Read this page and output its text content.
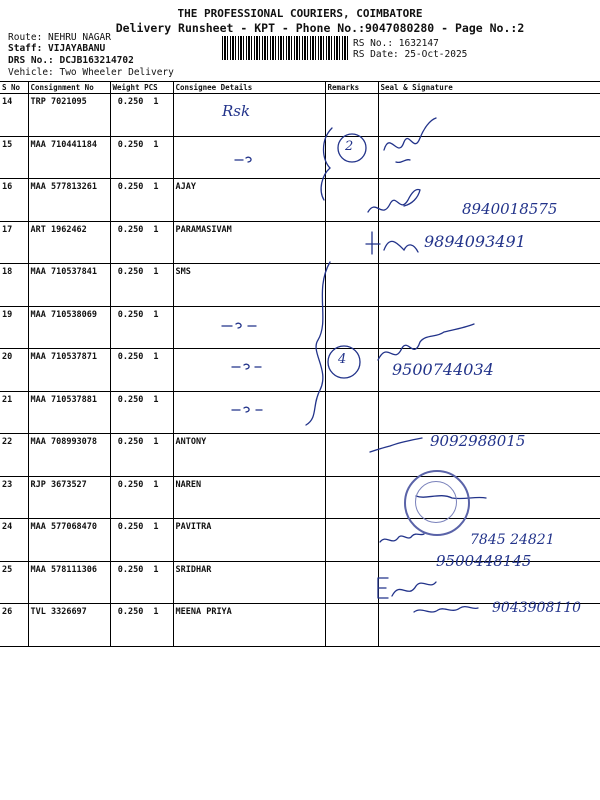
THE PROFESSIONAL COURIERS, COIMBATORE
Delivery Runsheet - KPT - Phone No.:9047080280 - Page No.:2
Route: NEHRU NAGAR
Staff: VIJAYABANU
DRS No.: DCJB163214702
Vehicle: Two Wheeler Delivery
RS No.: 1632147
RS Date: 25-Oct-2025
S No	Consignment No	Weight PCS	Consignee Details	Remarks	Seal & Signature
14	TRP 7021095	0.250 1			
15	MAA 710441184	0.250 1			
16	MAA 577813261	0.250 1	AJAY		
17	ART 1962462	0.250 1	PARAMASIVAM		
18	MAA 710537841	0.250 1	SMS		
19	MAA 710538069	0.250 1			
20	MAA 710537871	0.250 1			
21	MAA 710537881	0.250 1			
22	MAA 708993078	0.250 1	ANTONY		
23	RJP 3673527	0.250 1	NAREN		
24	MAA 577068470	0.250 1	PAVITRA		
25	MAA 578111306	0.250 1	SRIDHAR		
26	TVL 3326697	0.250 1	MEENA PRIYA		
Rsk
2
4
8940018575
9894093491
9500744034
9092988015
7845 24821
9500448145
9043908110
